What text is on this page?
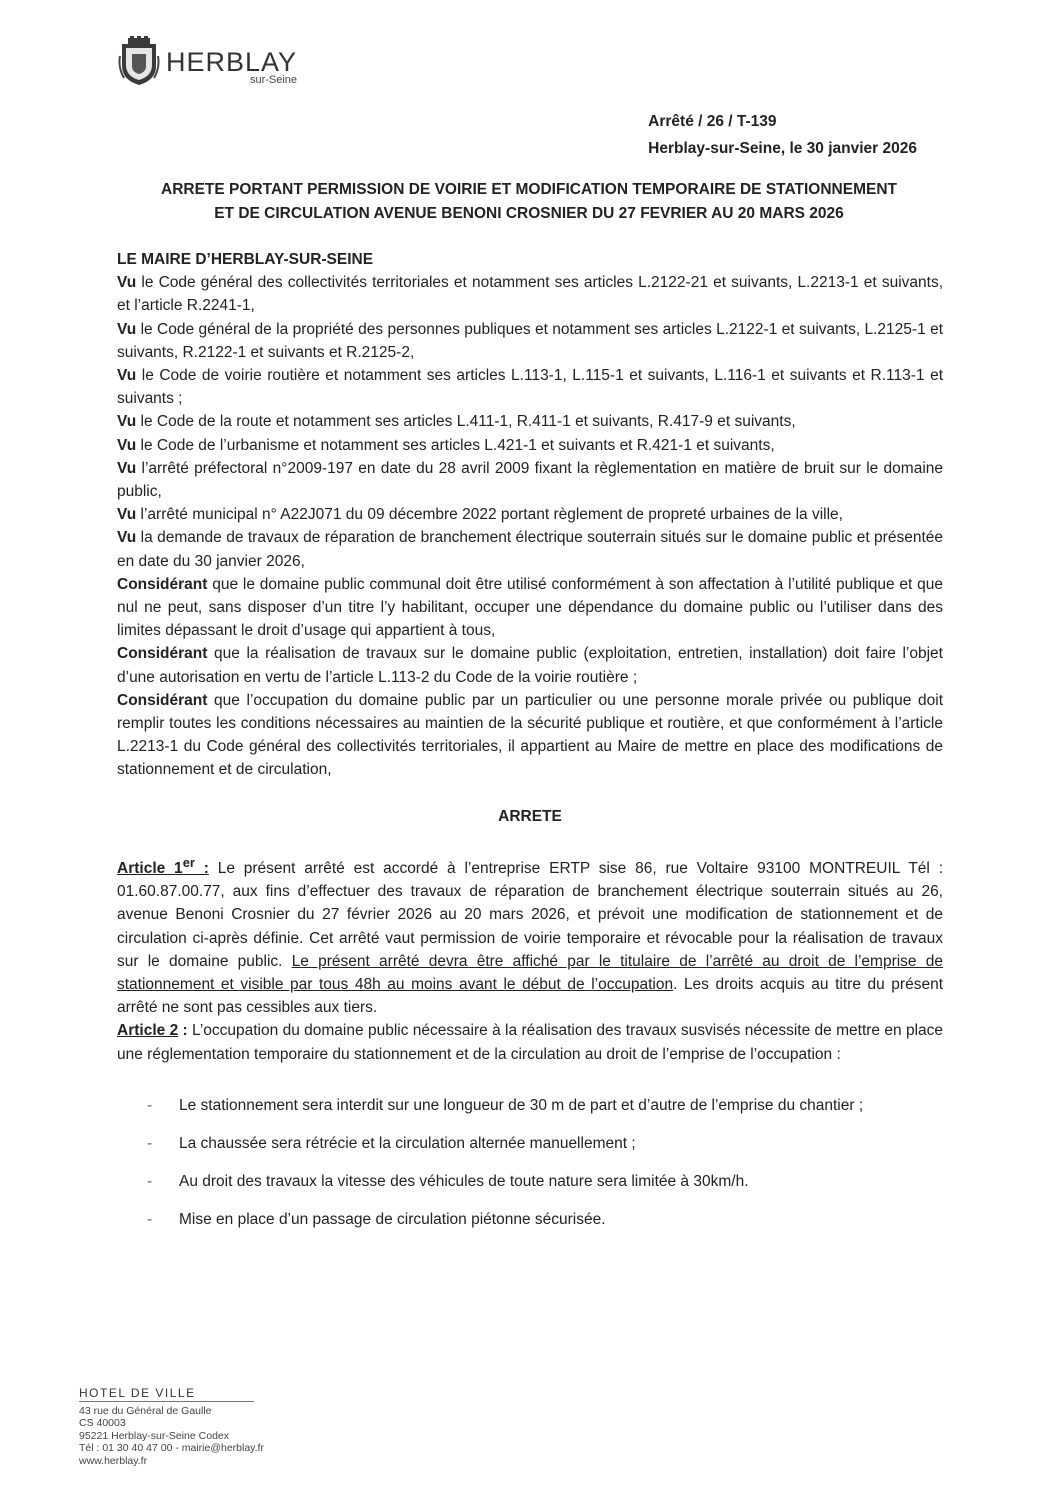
HERBLAY
sur-Seine
Arrêté / 26 / T-139
Herblay-sur-Seine, le 30 janvier 2026
ARRETE PORTANT PERMISSION DE VOIRIE ET MODIFICATION TEMPORAIRE DE STATIONNEMENT
ET DE CIRCULATION AVENUE BENONI CROSNIER DU 27 FEVRIER AU 20 MARS 2026

LE MAIRE D’HERBLAY-SUR-SEINE

Vu le Code général des collectivités territoriales et notamment ses articles L.2122-21 et suivants, L.2213-1 et suivants, et l’article R.2241-1,

Vu le Code général de la propriété des personnes publiques et notamment ses articles L.2122-1 et suivants, L.2125-1 et suivants, R.2122-1 et suivants et R.2125-2,

Vu le Code de voirie routière et notamment ses articles L.113-1, L.115-1 et suivants, L.116-1 et suivants et R.113-1 et suivants ;

Vu le Code de la route et notamment ses articles L.411-1, R.411-1 et suivants, R.417-9 et suivants,

Vu le Code de l’urbanisme et notamment ses articles L.421-1 et suivants et R.421-1 et suivants,

Vu l’arrêté préfectoral n°2009-197 en date du 28 avril 2009 fixant la règlementation en matière de bruit sur le domaine public,

Vu l’arrêté municipal n° A22J071 du 09 décembre 2022 portant règlement de propreté urbaines de la ville,

Vu la demande de travaux de réparation de branchement électrique souterrain situés sur le domaine public et présentée en date du 30 janvier 2026,

Considérant que le domaine public communal doit être utilisé conformément à son affectation à l’utilité publique et que nul ne peut, sans disposer d’un titre l’y habilitant, occuper une dépendance du domaine public ou l’utiliser dans des limites dépassant le droit d’usage qui appartient à tous,

Considérant que la réalisation de travaux sur le domaine public (exploitation, entretien, installation) doit faire l’objet d’une autorisation en vertu de l’article L.113-2 du Code de la voirie routière ;

Considérant que l’occupation du domaine public par un particulier ou une personne morale privée ou publique doit remplir toutes les conditions nécessaires au maintien de la sécurité publique et routière, et que conformément à l’article L.2213-1 du Code général des collectivités territoriales, il appartient au Maire de mettre en place des modifications de stationnement et de circulation,

ARRETE

Article 1er : Le présent arrêté est accordé à l’entreprise ERTP sise 86, rue Voltaire 93100 MONTREUIL Tél : 01.60.87.00.77, aux fins d’effectuer des travaux de réparation de branchement électrique souterrain situés au 26, avenue Benoni Crosnier du 27 février 2026 au 20 mars 2026, et prévoit une modification de stationnement et de circulation ci-après définie. Cet arrêté vaut permission de voirie temporaire et révocable pour la réalisation de travaux sur le domaine public. Le présent arrêté devra être affiché par le titulaire de l’arrêté au droit de l’emprise de stationnement et visible par tous 48h au moins avant le début de l’occupation. Les droits acquis au titre du présent arrêté ne sont pas cessibles aux tiers.

Article 2 : L’occupation du domaine public nécessaire à la réalisation des travaux susvisés nécessite de mettre en place une réglementation temporaire du stationnement et de la circulation au droit de l’emprise de l’occupation :

- Le stationnement sera interdit sur une longueur de 30 m de part et d’autre de l’emprise du chantier ;
- La chaussée sera rétrécie et la circulation alternée manuellement ;
- Au droit des travaux la vitesse des véhicules de toute nature sera limitée à 30km/h.
- Mise en place d’un passage de circulation piétonne sécurisée.
HOTEL DE VILLE
43 rue du Général de Gaulle
CS 40003
95221 Herblay-sur-Seine Codex
Tél : 01 30 40 47 00 - mairie@herblay.fr
www.herblay.fr
